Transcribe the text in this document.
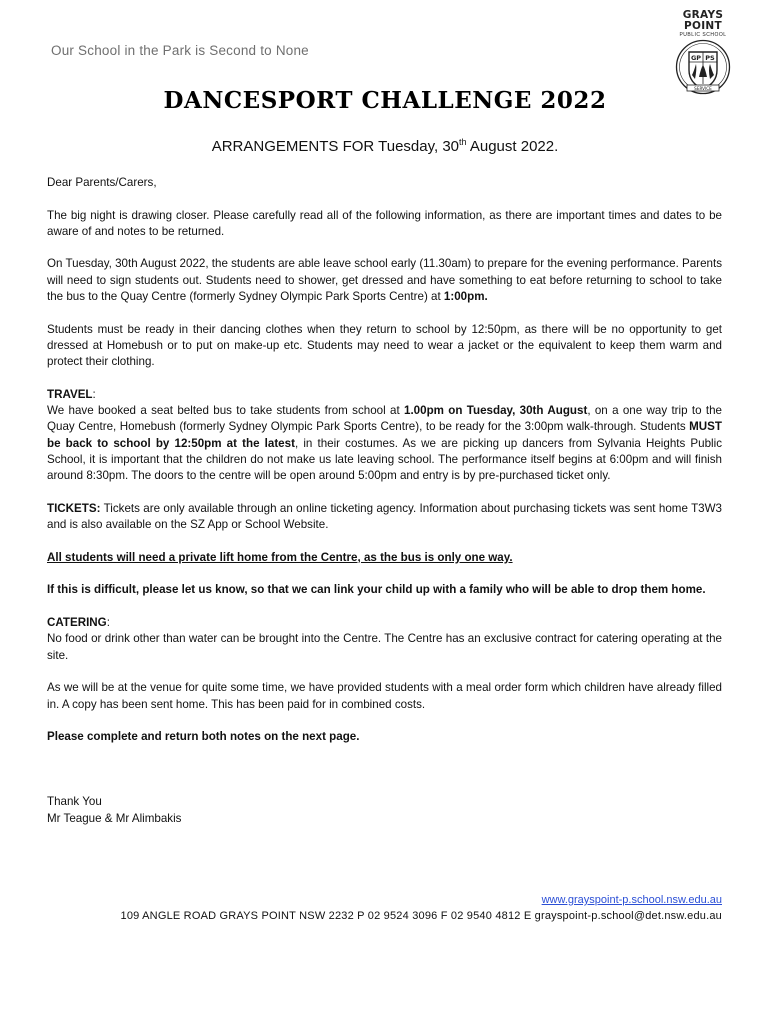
Our School in the Park is Second to None
GRAYS POINT
PUBLIC SCHOOL
GP PS
SERVICE
DANCESPORT CHALLENGE 2022
ARRANGEMENTS FOR Tuesday, 30th August 2022.

Dear Parents/Carers,

The big night is drawing closer. Please carefully read all of the following information, as there are important times and dates to be aware of and notes to be returned.

On Tuesday, 30th August 2022, the students are able leave school early (11.30am) to prepare for the evening performance. Parents will need to sign students out. Students need to shower, get dressed and have something to eat before returning to school to take the bus to the Quay Centre (formerly Sydney Olympic Park Sports Centre) at 1:00pm.

Students must be ready in their dancing clothes when they return to school by 12:50pm, as there will be no opportunity to get dressed at Homebush or to put on make-up etc. Students may need to wear a jacket or the equivalent to keep them warm and protect their clothing.

TRAVEL:
We have booked a seat belted bus to take students from school at 1.00pm on Tuesday, 30th August, on a one way trip to the Quay Centre, Homebush (formerly Sydney Olympic Park Sports Centre), to be ready for the 3:00pm walk-through. Students MUST be back to school by 12:50pm at the latest, in their costumes. As we are picking up dancers from Sylvania Heights Public School, it is important that the children do not make us late leaving school. The performance itself begins at 6:00pm and will finish around 8:30pm. The doors to the centre will be open around 5:00pm and entry is by pre-purchased ticket only.

TICKETS: Tickets are only available through an online ticketing agency. Information about purchasing tickets was sent home T3W3 and is also available on the SZ App or School Website.

All students will need a private lift home from the Centre, as the bus is only one way.

If this is difficult, please let us know, so that we can link your child up with a family who will be able to drop them home.

CATERING:
No food or drink other than water can be brought into the Centre. The Centre has an exclusive contract for catering operating at the site.

As we will be at the venue for quite some time, we have provided students with a meal order form which children have already filled in. A copy has been sent home. This has been paid for in combined costs.

Please complete and return both notes on the next page.

Thank You

Mr Teague & Mr Alimbakis

www.grayspoint-p.school.nsw.edu.au
109 ANGLE ROAD GRAYS POINT NSW 2232 P 02 9524 3096 F 02 9540 4812 E grayspoint-p.school@det.nsw.edu.au
